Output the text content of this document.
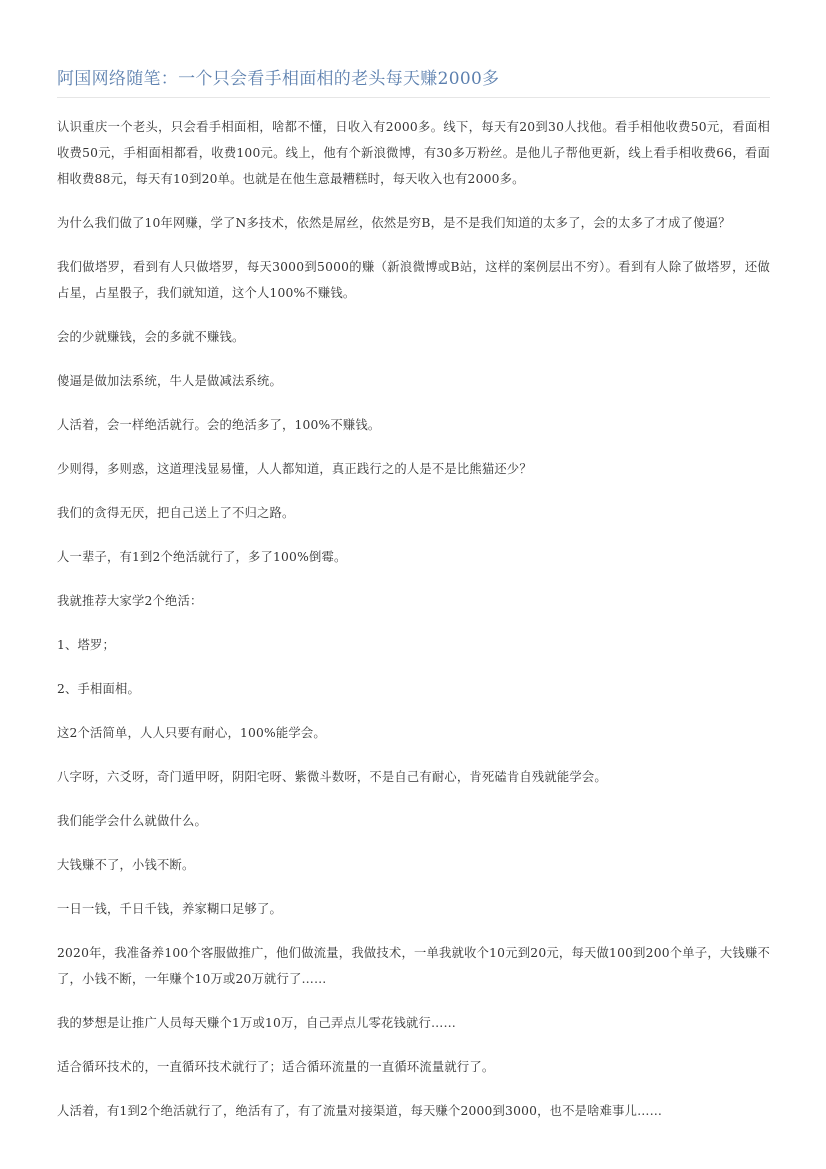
阿国网络随笔：一个只会看手相面相的老头每天赚2000多

认识重庆一个老头，只会看手相面相，啥都不懂，日收入有2000多。线下，每天有20到30人找他。看手相他收费50元，看面相收费50元，手相面相都看，收费100元。线上，他有个新浪微博，有30多万粉丝。是他儿子帮他更新，线上看手相收费66，看面相收费88元，每天有10到20单。也就是在他生意最糟糕时，每天收入也有2000多。

为什么我们做了10年网赚，学了N多技术，依然是屌丝，依然是穷B，是不是我们知道的太多了，会的太多了才成了傻逼？

我们做塔罗，看到有人只做塔罗，每天3000到5000的赚（新浪微博或B站，这样的案例层出不穷）。看到有人除了做塔罗，还做占星，占星骰子，我们就知道，这个人100%不赚钱。

会的少就赚钱，会的多就不赚钱。

傻逼是做加法系统，牛人是做减法系统。

人活着，会一样绝活就行。会的绝活多了，100%不赚钱。

少则得，多则惑，这道理浅显易懂，人人都知道，真正践行之的人是不是比熊猫还少？

我们的贪得无厌，把自己送上了不归之路。

人一辈子，有1到2个绝活就行了，多了100%倒霉。

我就推荐大家学2个绝活：

1、塔罗；

2、手相面相。

这2个活简单，人人只要有耐心，100%能学会。

八字呀，六爻呀，奇门遁甲呀，阴阳宅呀、紫微斗数呀，不是自己有耐心，肯死磕肯自残就能学会。

我们能学会什么就做什么。

大钱赚不了，小钱不断。

一日一钱，千日千钱，养家糊口足够了。

2020年，我准备养100个客服做推广，他们做流量，我做技术，一单我就收个10元到20元，每天做100到200个单子，大钱赚不了，小钱不断，一年赚个10万或20万就行了……

我的梦想是让推广人员每天赚个1万或10万，自己弄点儿零花钱就行……

适合循环技术的，一直循环技术就行了；适合循环流量的一直循环流量就行了。

人活着，有1到2个绝活就行了，绝活有了，有了流量对接渠道，每天赚个2000到3000，也不是啥难事儿……
